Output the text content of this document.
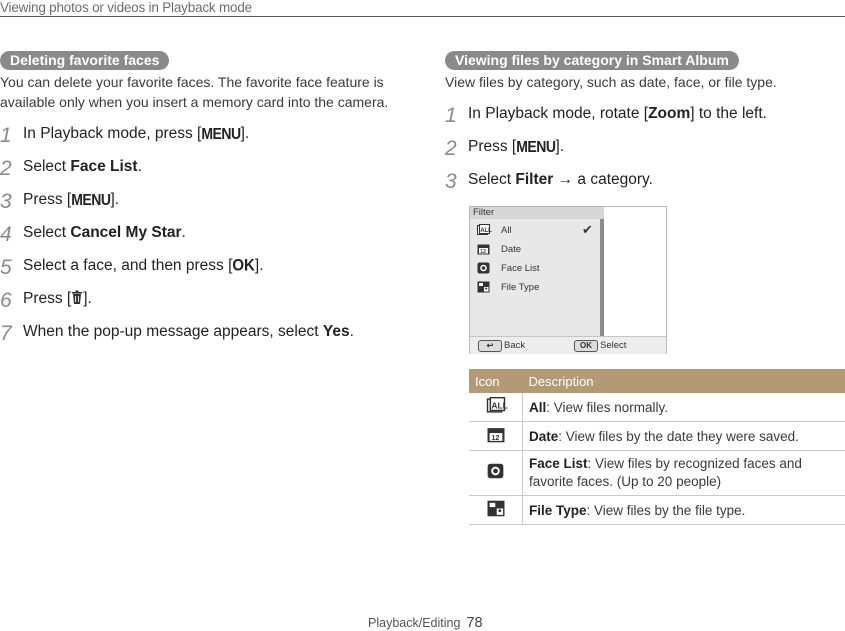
Viewing photos or videos in Playback mode
Deleting favorite faces
You can delete your favorite faces. The favorite face feature is
available only when you insert a memory card into the camera.
1 In Playback mode, press [MENU].
2 Select Face List.
3 Press [MENU].
4 Select Cancel My Star.
5 Select a face, and then press [OK].
6 Press [ ].
7 When the pop-up message appears, select Yes.
Viewing files by category in Smart Album
View files by category, such as date, face, or file type.
1 In Playback mode, rotate [Zoom] to the left.
2 Press [MENU].
3 Select Filter → a category.
Filter
ALL All	✔
12 Date
Face List
File Type
↩	Back	OK Select
Icon	Description

ALL	All: View files normally.

12	Date: View files by the date they were saved.
	Face List: View files by recognized faces and favorite faces. (Up to 20 people)
	File Type: View files by the file type.
Playback/Editing 78
